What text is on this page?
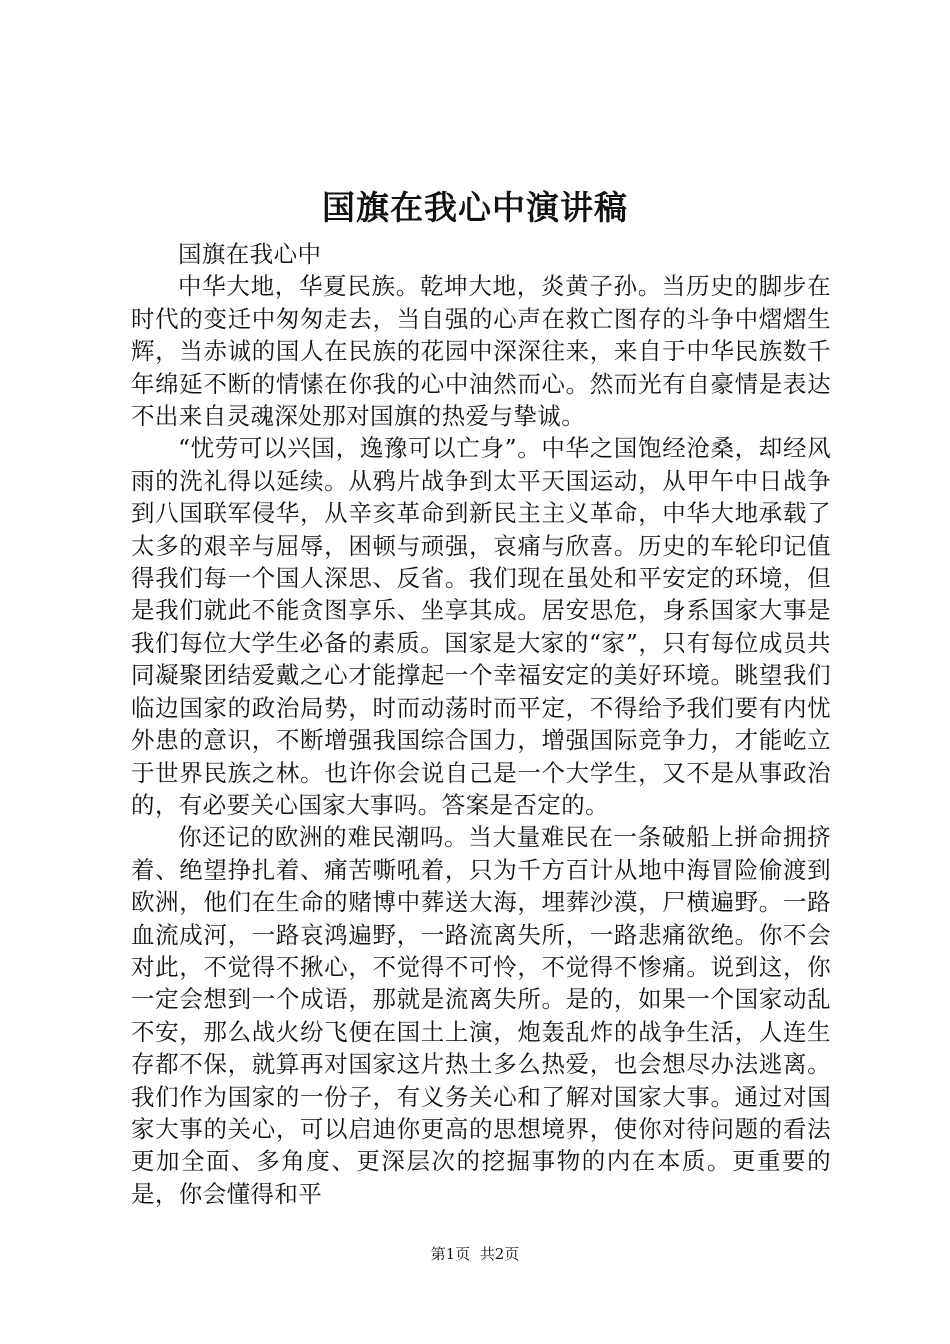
国旗在我心中演讲稿

国旗在我心中

中华大地，华夏民族。乾坤大地，炎黄子孙。当历史的脚步在时代的变迁中匆匆走去，当自强的心声在救亡图存的斗争中熠熠生辉，当赤诚的国人在民族的花园中深深往来，来自于中华民族数千年绵延不断的情愫在你我的心中油然而心。然而光有自豪情是表达不出来自灵魂深处那对国旗的热爱与挚诚。

“忧劳可以兴国，逸豫可以亡身”。中华之国饱经沧桑，却经风雨的洗礼得以延续。从鸦片战争到太平天国运动，从甲午中日战争到八国联军侵华，从辛亥革命到新民主主义革命，中华大地承载了太多的艰辛与屈辱，困顿与顽强，哀痛与欣喜。历史的车轮印记值得我们每一个国人深思、反省。我们现在虽处和平安定的环境，但是我们就此不能贪图享乐、坐享其成。居安思危，身系国家大事是我们每位大学生必备的素质。国家是大家的“家”，只有每位成员共同凝聚团结爱戴之心才能撑起一个幸福安定的美好环境。眺望我们临边国家的政治局势，时而动荡时而平定，不得给予我们要有内忧外患的意识，不断增强我国综合国力，增强国际竞争力，才能屹立于世界民族之林。也许你会说自己是一个大学生，又不是从事政治的，有必要关心国家大事吗。答案是否定的。

你还记的欧洲的难民潮吗。当大量难民在一条破船上拼命拥挤着、绝望挣扎着、痛苦嘶吼着，只为千方百计从地中海冒险偷渡到欧洲，他们在生命的赌博中葬送大海，埋葬沙漠，尸横遍野。一路血流成河，一路哀鸿遍野，一路流离失所，一路悲痛欲绝。你不会对此，不觉得不揪心，不觉得不可怜，不觉得不惨痛。说到这，你一定会想到一个成语，那就是流离失所。是的，如果一个国家动乱不安，那么战火纷飞便在国土上演，炮轰乱炸的战争生活，人连生存都不保，就算再对国家这片热土多么热爱，也会想尽办法逃离。我们作为国家的一份子，有义务关心和了解对国家大事。通过对国家大事的关心，可以启迪你更高的思想境界，使你对待问题的看法更加全面、多角度、更深层次的挖掘事物的内在本质。更重要的是，你会懂得和平

第1页 共2页
